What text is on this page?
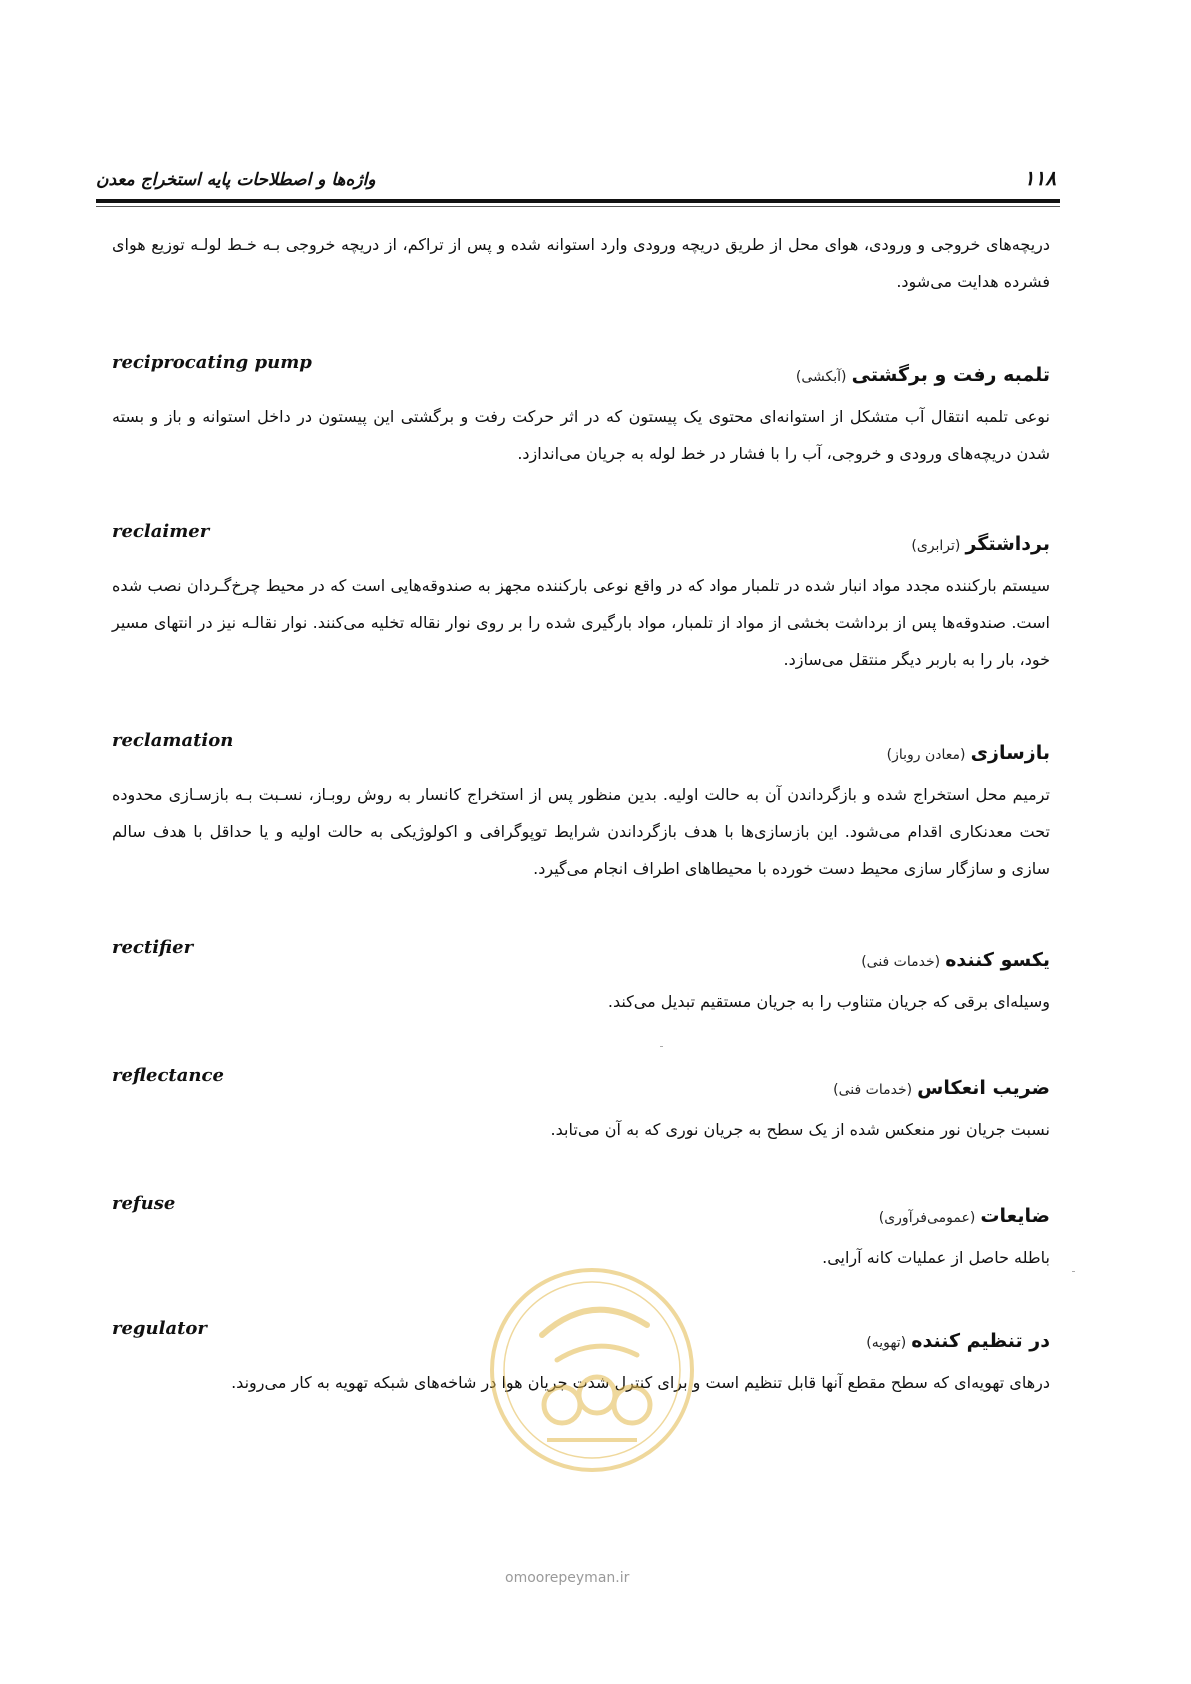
واژه‌ها و اصطلاحات پایه استخراج معدن	۱۱۸
دریچه‌های خروجی و ورودی، هوای محل از طریق دریچه ورودی وارد استوانه شده و پس از تراکم، از دریچه خروجی بـه خـط لولـه توزیع هوای فشرده هدایت می‌شود.
reciprocating pump
تلمبه رفت و برگشتی (آبکشی)
نوعی تلمبه انتقال آب متشکل از استوانه‌ای محتوی یک پیستون که در اثر حرکت رفت و برگشتی این پیستون در داخل استوانه و باز و بسته شدن دریچه‌های ورودی و خروجی، آب را با فشار در خط لوله به جریان می‌اندازد.
reclaimer
برداشتگر (ترابری)
سیستم بارکننده مجدد مواد انبار شده در تلمبار مواد که در واقع نوعی بارکننده مجهز به صندوقه‌هایی است که در محیط چرخ‌گـردان نصب شده است. صندوقه‌ها پس از برداشت بخشی از مواد از تلمبار، مواد بارگیری شده را بر روی نوار نقاله تخلیه می‌کنند. نوار نقالـه نیز در انتهای مسیر خود، بار را به باربر دیگر منتقل می‌سازد.
reclamation
بازسازی (معادن روباز)
ترمیم محل استخراج شده و بازگرداندن آن به حالت اولیه. بدین منظور پس از استخراج کانسار به روش روبـاز، نسـبت بـه بازسـازی محدوده تحت معدنکاری اقدام می‌شود. این بازسازی‌ها با هدف بازگرداندن شرایط توپوگرافی و اکولوژیکی به حالت اولیه و یا حداقل با هدف سالم سازی و سازگار سازی محیط دست خورده با محیطاهای اطراف انجام می‌گیرد.
rectifier
یکسو کننده (خدمات فنی)
وسیله‌ای برقی که جریان متناوب را به جریان مستقیم تبدیل می‌کند.
reflectance
ضریب انعکاس (خدمات فنی)
نسبت جریان نور منعکس شده از یک سطح به جریان نوری که به آن می‌تابد.
refuse
ضایعات (عمومی‌فرآوری)
باطله حاصل از عملیات کانه آرایی.
regulator
در تنظیم کننده (تهویه)
درهای تهویه‌ای که سطح مقطع آنها قابل تنظیم است و برای کنترل شدت جریان هوا در شاخه‌های شبکه تهویه به کار می‌روند.
omoorepeyman.ir
